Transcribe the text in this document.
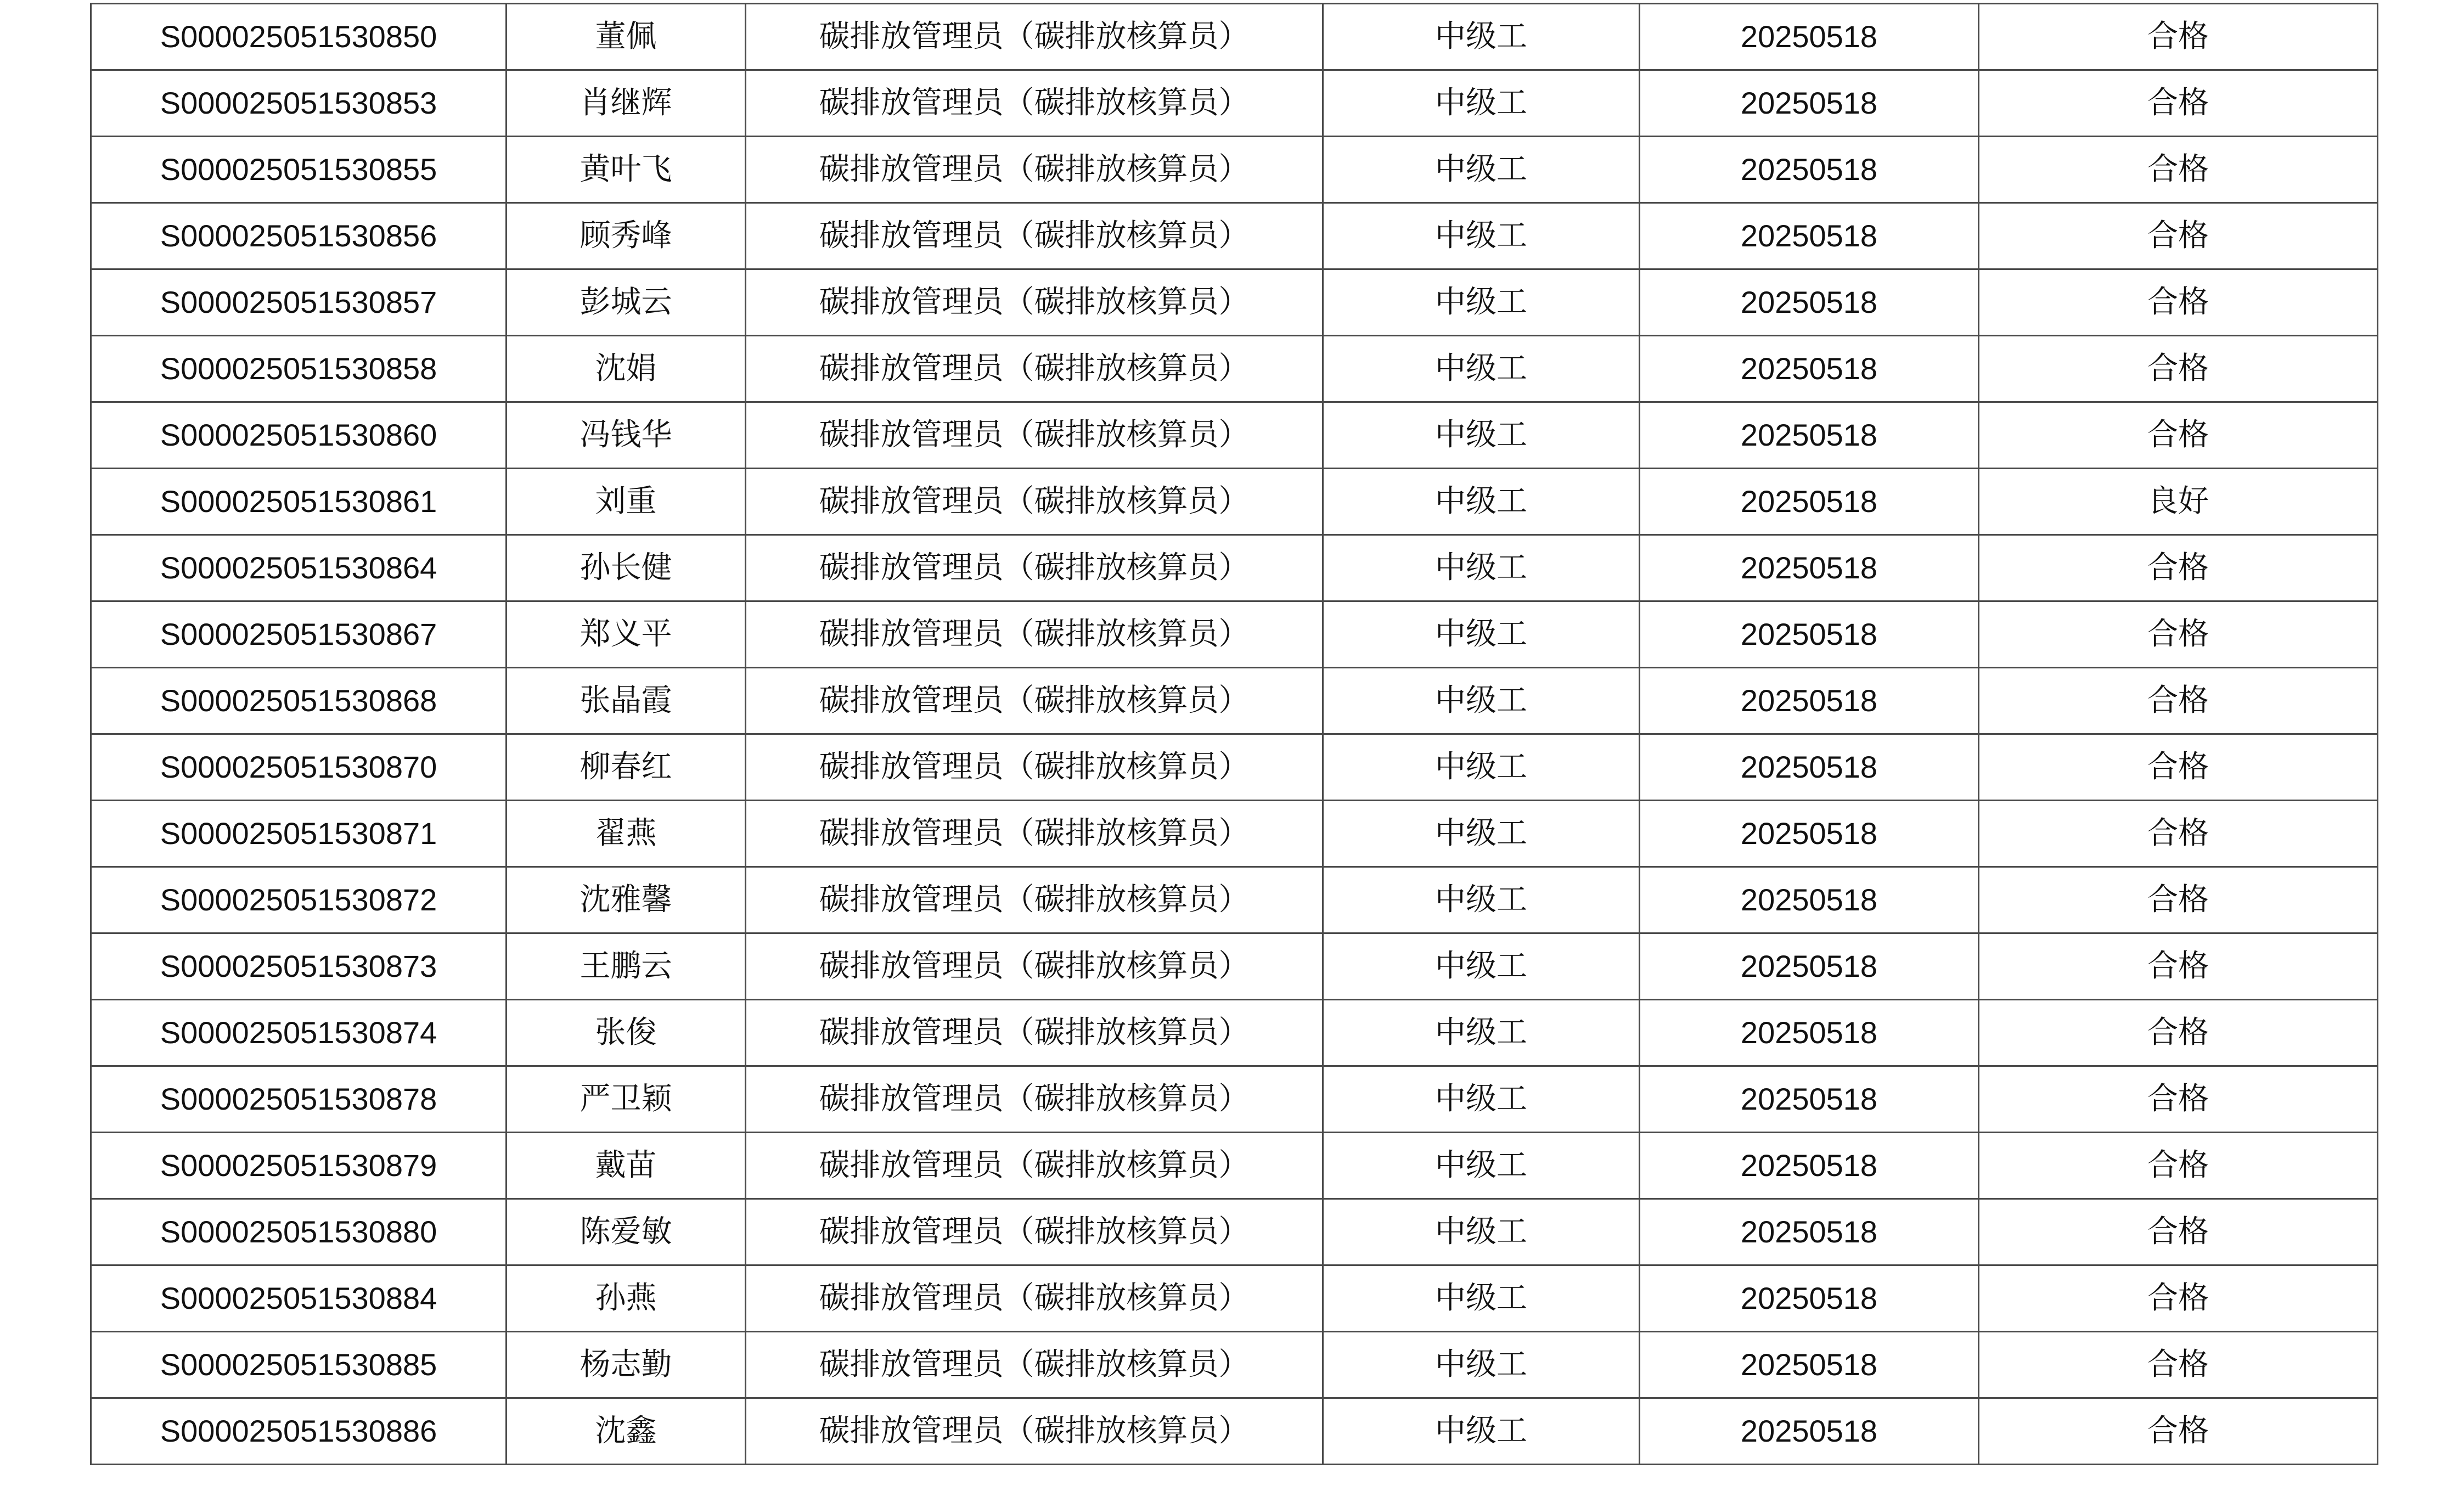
S000025051530850	董佩	碳排放管理员（碳排放核算员）	中级工	20250518	合格
S000025051530853	肖继辉	碳排放管理员（碳排放核算员）	中级工	20250518	合格
S000025051530855	黄叶飞	碳排放管理员（碳排放核算员）	中级工	20250518	合格
S000025051530856	顾秀峰	碳排放管理员（碳排放核算员）	中级工	20250518	合格
S000025051530857	彭城云	碳排放管理员（碳排放核算员）	中级工	20250518	合格
S000025051530858	沈娟	碳排放管理员（碳排放核算员）	中级工	20250518	合格
S000025051530860	冯钱华	碳排放管理员（碳排放核算员）	中级工	20250518	合格
S000025051530861	刘重	碳排放管理员（碳排放核算员）	中级工	20250518	良好
S000025051530864	孙长健	碳排放管理员（碳排放核算员）	中级工	20250518	合格
S000025051530867	郑义平	碳排放管理员（碳排放核算员）	中级工	20250518	合格
S000025051530868	张晶霞	碳排放管理员（碳排放核算员）	中级工	20250518	合格
S000025051530870	柳春红	碳排放管理员（碳排放核算员）	中级工	20250518	合格
S000025051530871	翟燕	碳排放管理员（碳排放核算员）	中级工	20250518	合格
S000025051530872	沈雅馨	碳排放管理员（碳排放核算员）	中级工	20250518	合格
S000025051530873	王鹏云	碳排放管理员（碳排放核算员）	中级工	20250518	合格
S000025051530874	张俊	碳排放管理员（碳排放核算员）	中级工	20250518	合格
S000025051530878	严卫颖	碳排放管理员（碳排放核算员）	中级工	20250518	合格
S000025051530879	戴苗	碳排放管理员（碳排放核算员）	中级工	20250518	合格
S000025051530880	陈爱敏	碳排放管理员（碳排放核算员）	中级工	20250518	合格
S000025051530884	孙燕	碳排放管理员（碳排放核算员）	中级工	20250518	合格
S000025051530885	杨志勤	碳排放管理员（碳排放核算员）	中级工	20250518	合格
S000025051530886	沈鑫	碳排放管理员（碳排放核算员）	中级工	20250518	合格
